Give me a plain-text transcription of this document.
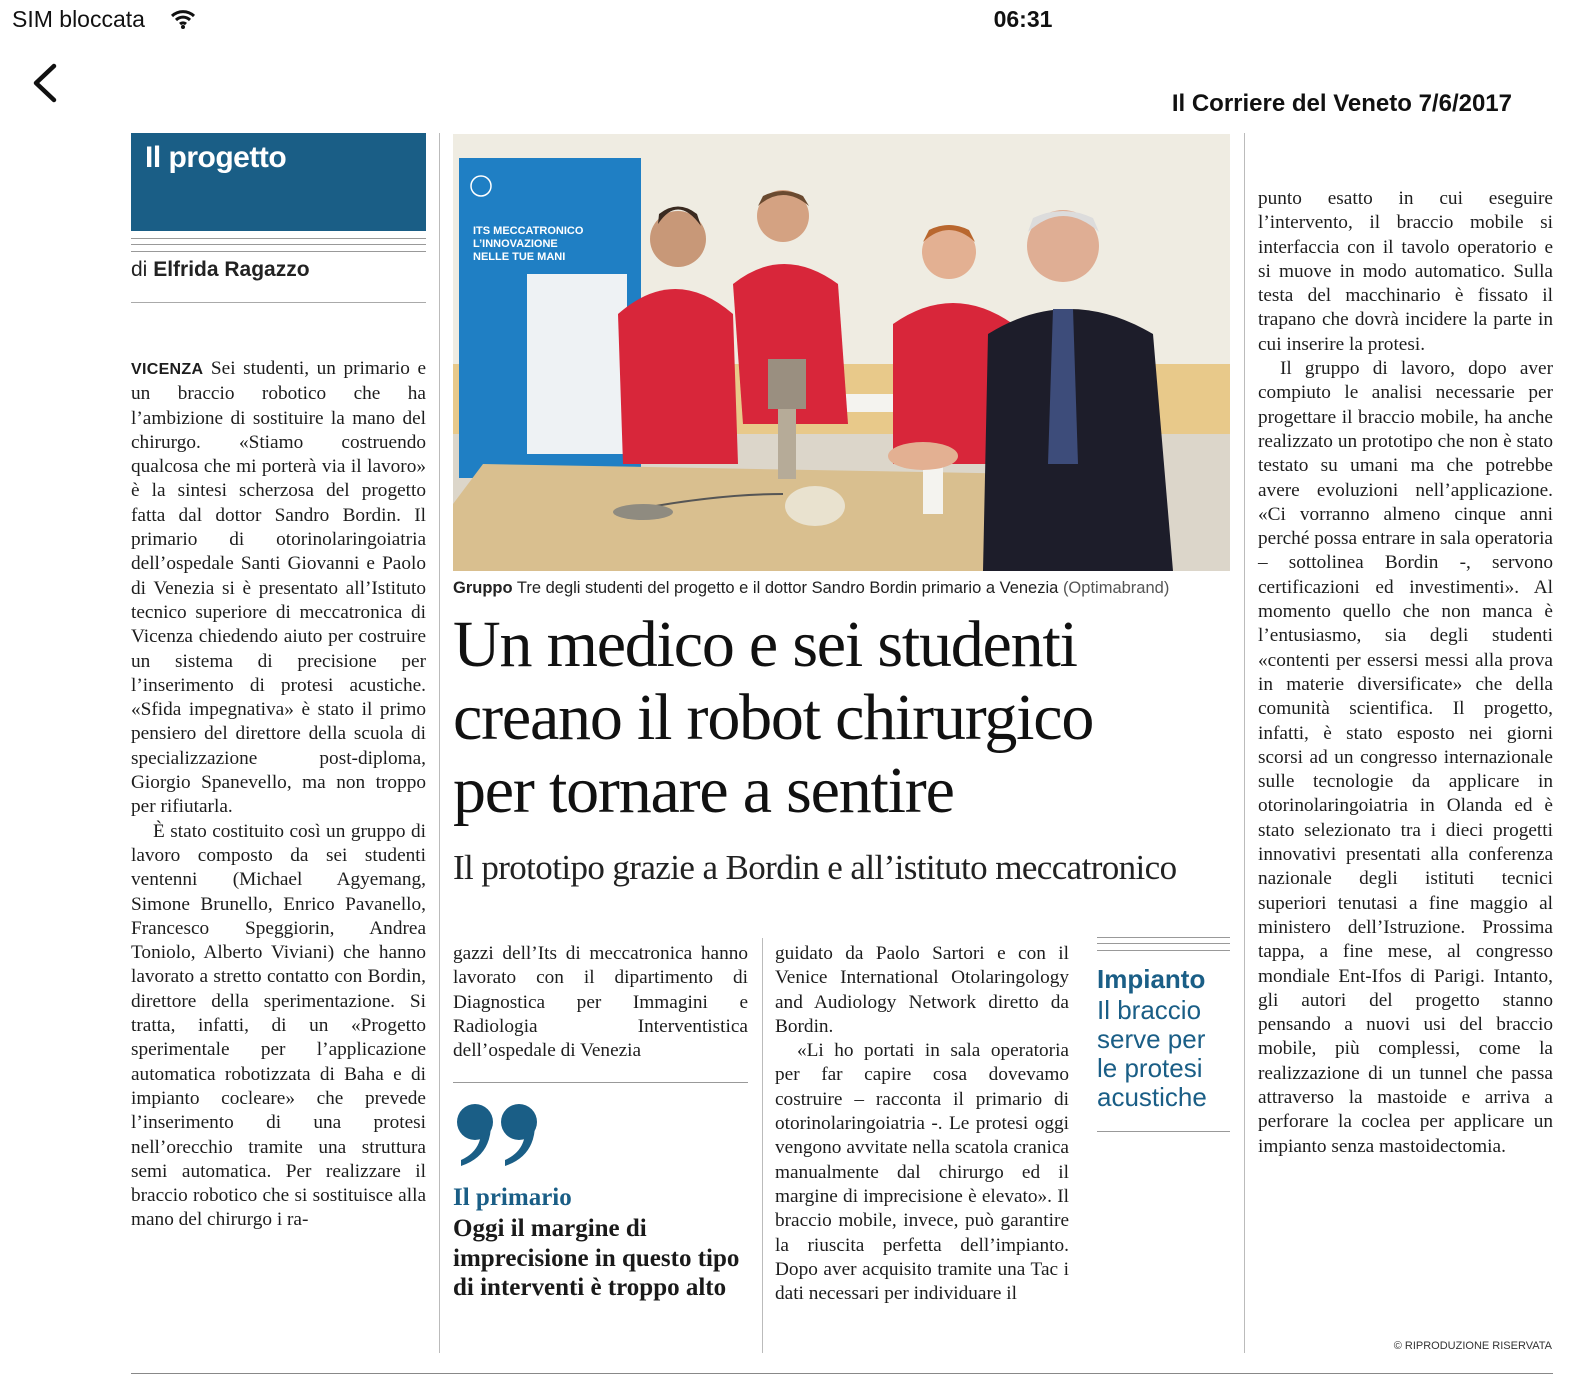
SIM bloccata	06:31
Il Corriere del Veneto 7/6/2017
Il progetto
di Elfrida Ragazzo

VICENZA Sei studenti, un primario e un braccio robotico che ha l’ambizione di sostituire la mano del chirurgo. «Stiamo costruendo qualcosa che mi porterà via il lavoro» è la sintesi scherzosa del progetto fatta dal dottor Sandro Bordin. Il primario di otorinolaringoiatria dell’ospedale Santi Giovanni e Paolo di Venezia si è presentato all’Istituto tecnico superiore di meccatronica di Vicenza chiedendo aiuto per costruire un sistema di precisione per l’inserimento di protesi acustiche. «Sfida impegnativa» è stato il primo pensiero del direttore della scuola di specializzazione post-diploma, Giorgio Spanevello, ma non troppo per rifiutarla.

È stato costituito così un gruppo di lavoro composto da sei studenti ventenni (Michael Agyemang, Simone Brunello, Enrico Pavanello, Francesco Speggiorin, Andrea Toniolo, Alberto Viviani) che hanno lavorato a stretto contatto con Bordin, direttore della sperimentazione. Si tratta, infatti, di un «Progetto sperimentale per l’applicazione automatica robotizzata di Baha e di impianto cocleare» che prevede l’inserimento di una protesi nell’orecchio tramite una struttura semi automatica. Per realizzare il braccio robotico che si sostituisce alla mano del chirurgo i ra-

ITS MECCATRONICO
L’INNOVAZIONE
NELLE TUE MANI
Gruppo Tre degli studenti del progetto e il dottor Sandro Bordin primario a Venezia (Optimabrand)
Un medico e sei studenti
creano il robot chirurgico
per tornare a sentire
Il prototipo grazie a Bordin e all’istituto meccatronico

gazzi dell’Its di meccatronica hanno lavorato con il dipartimento di Diagnostica per Immagini e Radiologia Interventistica dell’ospedale di Venezia

Il primario
Oggi il margine di imprecisione in questo tipo di interventi è troppo alto

guidato da Paolo Sartori e con il Venice International Otolaringology and Audiology Network diretto da Bordin.

«Li ho portati in sala operatoria per far capire cosa dovevamo costruire – racconta il primario di otorinolaringoiatria -. Le protesi oggi vengono avvitate nella scatola cranica manualmente dal chirurgo ed il margine di imprecisione è elevato». Il braccio mobile, invece, può garantire la riuscita perfetta dell’impianto. Dopo aver acquisito tramite una Tac i dati necessari per individuare il

Impianto
Il braccio serve per le protesi acustiche

punto esatto in cui eseguire l’intervento, il braccio mobile si interfaccia con il tavolo operatorio e si muove in modo automatico. Sulla testa del macchinario è fissato il trapano che dovrà incidere la parte in cui inserire la protesi.

Il gruppo di lavoro, dopo aver compiuto le analisi necessarie per progettare il braccio mobile, ha anche realizzato un prototipo che non è stato testato su umani ma che potrebbe avere evoluzioni nell’applicazione. «Ci vorranno almeno cinque anni perché possa entrare in sala operatoria – sottolinea Bordin -, servono certificazioni ed investimenti». Al momento quello che non manca è l’entusiasmo, sia degli studenti «contenti per essersi messi alla prova in materie diversificate» che della comunità scientifica. Il progetto, infatti, è stato esposto nei giorni scorsi ad un congresso internazionale sulle tecnologie da applicare in otorinolaringoiatria in Olanda ed è stato selezionato tra i dieci progetti innovativi presentati alla conferenza nazionale degli istituti tecnici superiori tenutasi a fine maggio al ministero dell’Istruzione. Prossima tappa, a fine mese, al congresso mondiale Ent-Ifos di Parigi. Intanto, gli autori del progetto stanno pensando a nuovi usi del braccio mobile, più complessi, come la realizzazione di un tunnel che passa attraverso la mastoide e arriva a perforare la coclea per applicare un impianto senza mastoidectomia.

© RIPRODUZIONE RISERVATA
